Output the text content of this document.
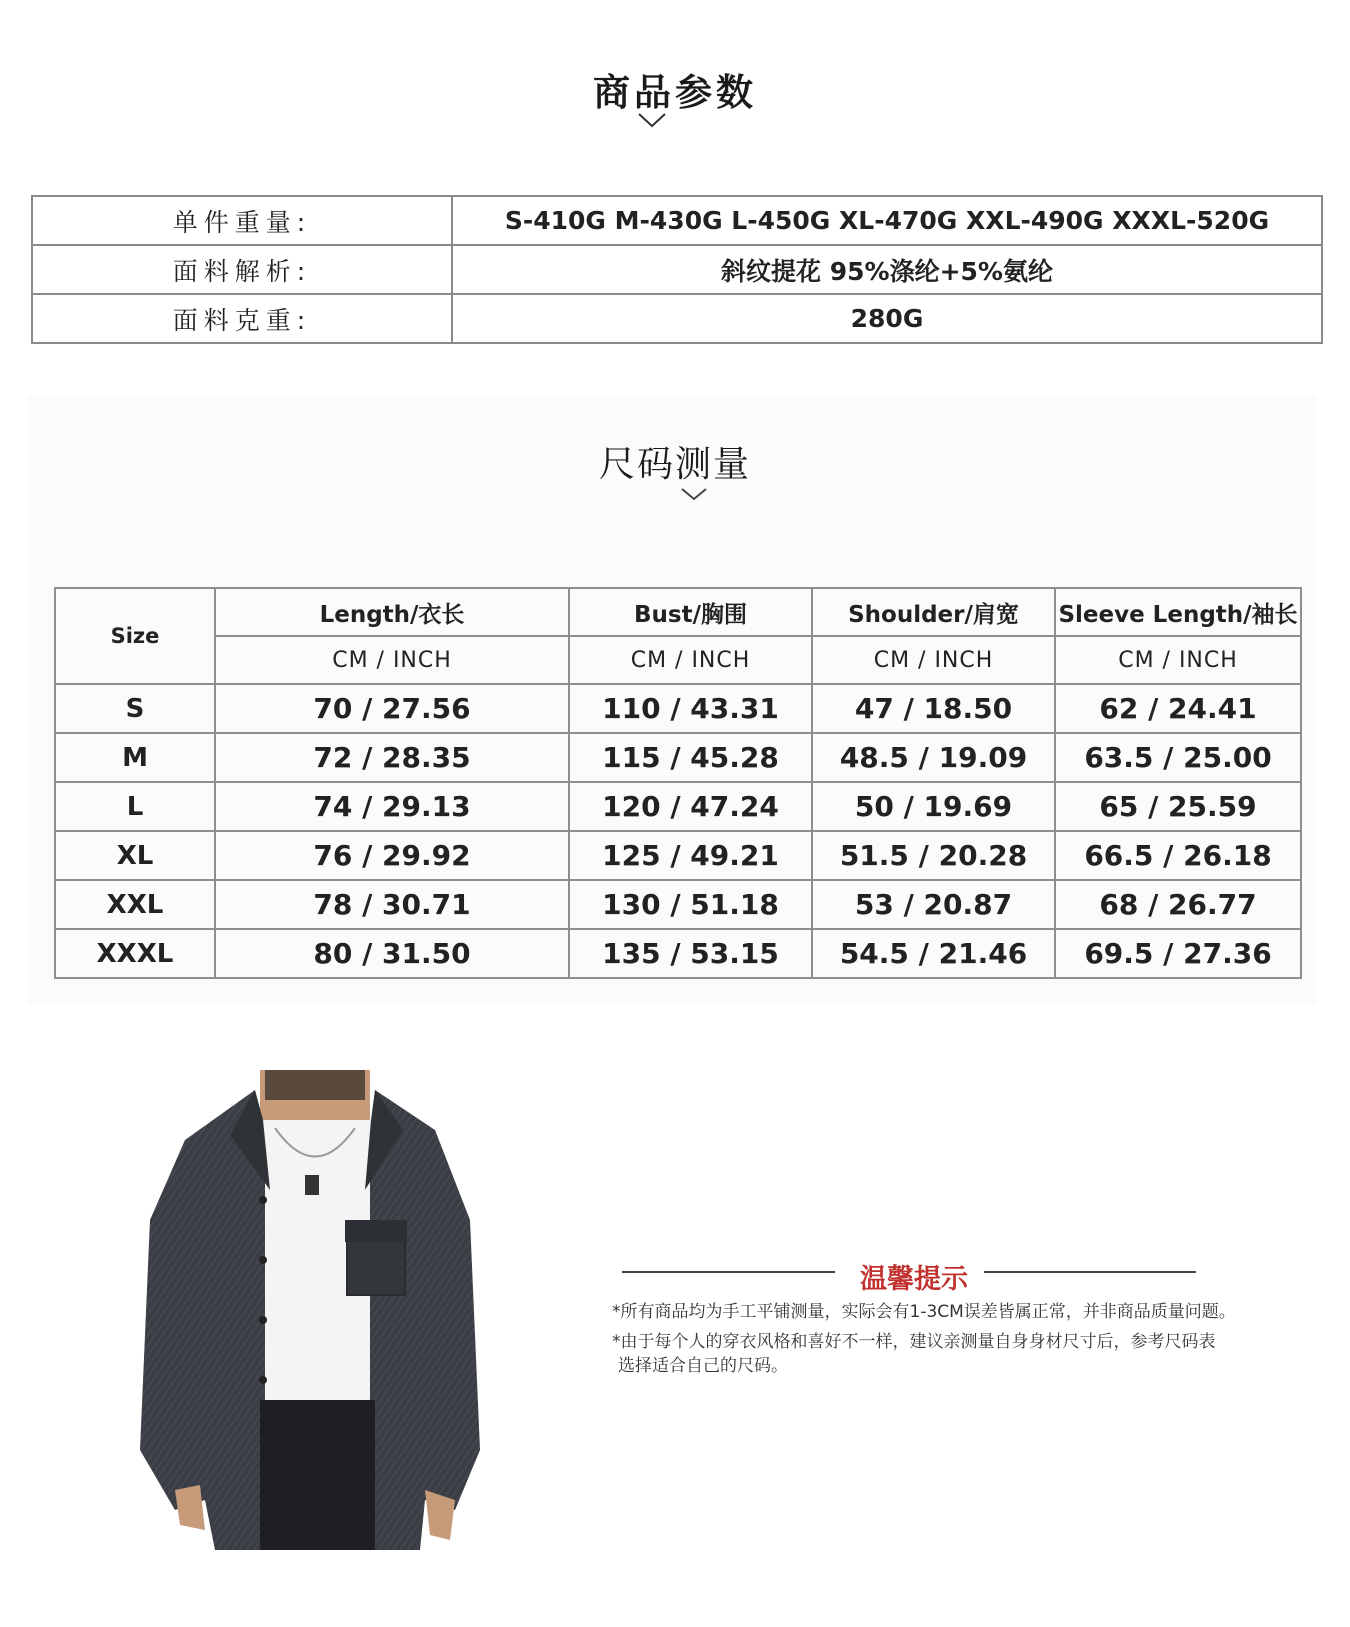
商品参数
单件重量:	S-410G M-430G L-450G XL-470G XXL-490G XXXL-520G
面料解析:	斜纹提花 95%涤纶+5%氨纶
面料克重:	280G
尺码测量
Size	Length/衣长	Bust/胸围	Shoulder/肩宽	Sleeve Length/袖长
	CM / INCH	CM / INCH	CM / INCH	CM / INCH
S	70 / 27.56	110 / 43.31	47 / 18.50	62 / 24.41
M	72 / 28.35	115 / 45.28	48.5 / 19.09	63.5 / 25.00
L	74 / 29.13	120 / 47.24	50 / 19.69	65 / 25.59
XL	76 / 29.92	125 / 49.21	51.5 / 20.28	66.5 / 26.18
XXL	78 / 30.71	130 / 51.18	53 / 20.87	68 / 26.77
XXXL	80 / 31.50	135 / 53.15	54.5 / 21.46	69.5 / 27.36
温馨提示
*所有商品均为手工平铺测量，实际会有1-3CM误差皆属正常，并非商品质量问题。
*由于每个人的穿衣风格和喜好不一样，建议亲测量自身身材尺寸后，参考尺码表
选择适合自己的尺码。
